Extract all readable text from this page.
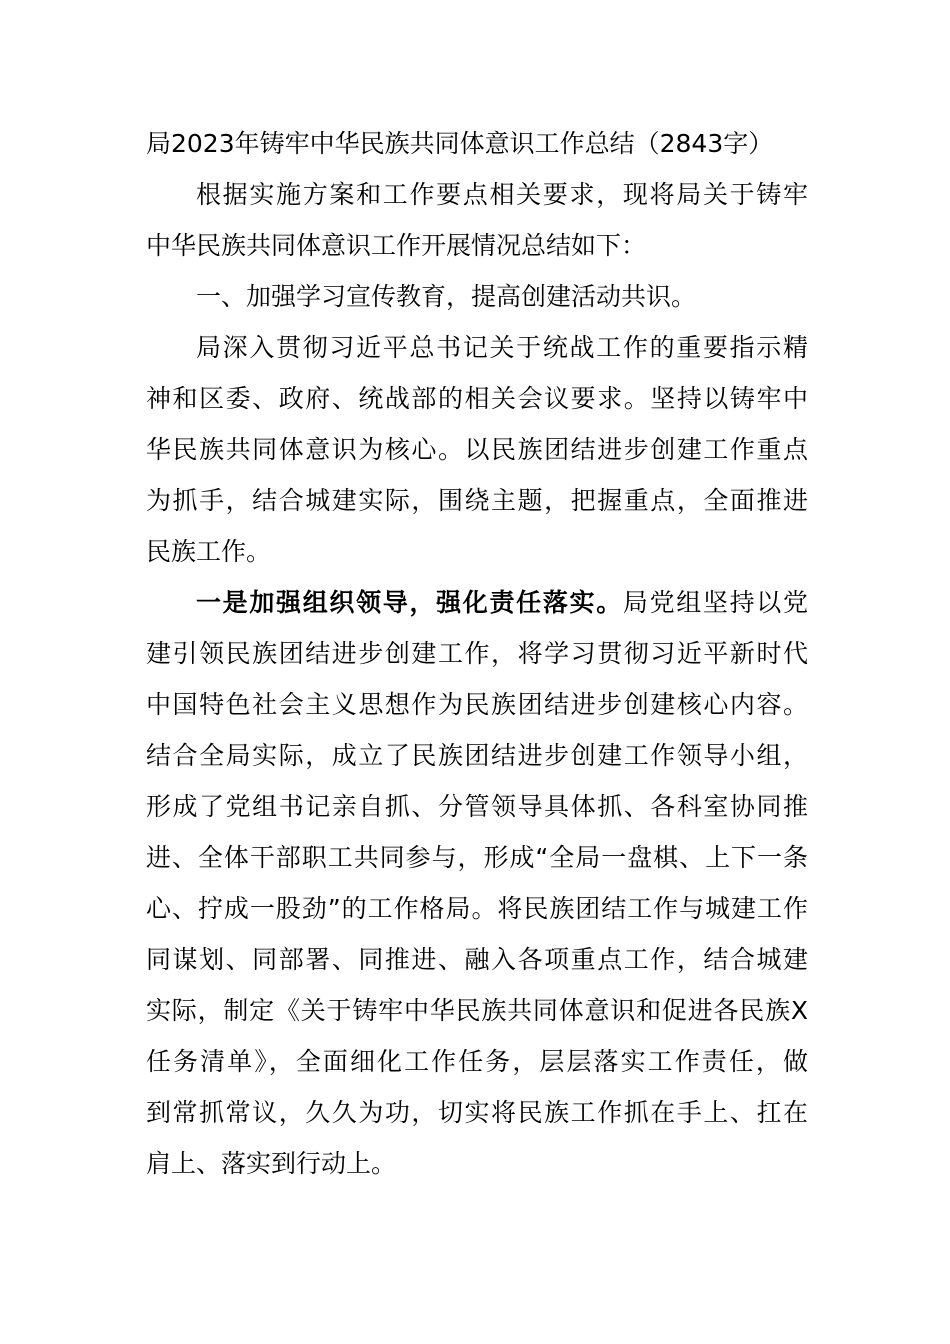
局2023年铸牢中华民族共同体意识工作总结（2843字）
根据实施方案和工作要点相关要求，现将局关于铸牢
中华民族共同体意识工作开展情况总结如下：
一、加强学习宣传教育，提高创建活动共识。
局深入贯彻习近平总书记关于统战工作的重要指示精
神和区委、政府、统战部的相关会议要求。坚持以铸牢中
华民族共同体意识为核心。以民族团结进步创建工作重点
为抓手，结合城建实际，围绕主题，把握重点，全面推进
民族工作。
一是加强组织领导，强化责任落实。局党组坚持以党
建引领民族团结进步创建工作，将学习贯彻习近平新时代
中国特色社会主义思想作为民族团结进步创建核心内容。
结合全局实际，成立了民族团结进步创建工作领导小组，
形成了党组书记亲自抓、分管领导具体抓、各科室协同推
进、全体干部职工共同参与，形成“全局一盘棋、上下一条
心、拧成一股劲”的工作格局。将民族团结工作与城建工作
同谋划、同部署、同推进、融入各项重点工作，结合城建
实际，制定《关于铸牢中华民族共同体意识和促进各民族X
任务清单》，全面细化工作任务，层层落实工作责任，做
到常抓常议，久久为功，切实将民族工作抓在手上、扛在
肩上、落实到行动上。
